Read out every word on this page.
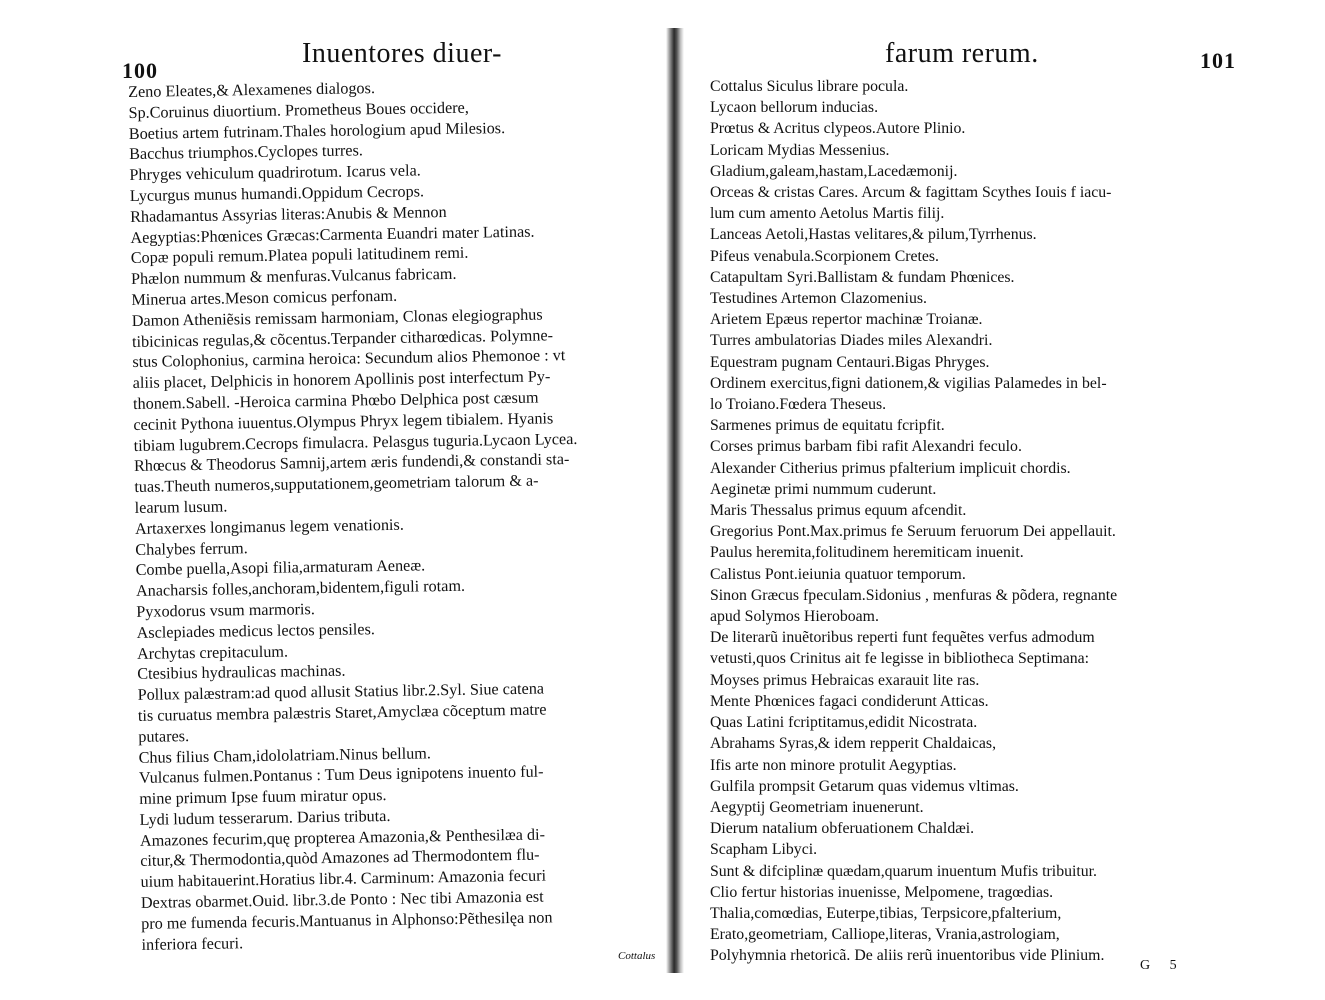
100
Inuentores diuer-
Zeno Eleates,& Alexamenes dialogos.
Sp.Coruinus diuortium. Prometheus Boues occidere,
Boetius artem futrinam.Thales horologium apud Milesios.
Bacchus triumphos.Cyclopes turres.
Phryges vehiculum quadrirotum. Icarus vela.
Lycurgus munus humandi.Oppidum Cecrops.
Rhadamantus Assyrias literas:Anubis & Mennon
Aegyptias:Phœnices Græcas:Carmenta Euandri mater Latinas.
Copæ populi remum.Platea populi latitudinem remi.
Phælon nummum & menfuras.Vulcanus fabricam.
Minerua artes.Meson comicus perfonam.
Damon Atheniẽsis remissam harmoniam, Clonas elegiographus
tibicinicas regulas,& cõcentus.Terpander citharœdicas. Polymne-
stus Colophonius, carmina heroica: Secundum alios Phemonoe : vt
aliis placet, Delphicis in honorem Apollinis post interfectum Py-
thonem.Sabell. -Heroica carmina Phœbo Delphica post cæsum
cecinit Pythona iuuentus.Olympus Phryx legem tibialem. Hyanis
tibiam lugubrem.Cecrops fimulacra. Pelasgus tuguria.Lycaon Lycea.
Rhœcus & Theodorus Samnij,artem æris fundendi,& constandi sta-
tuas.Theuth numeros,supputationem,geometriam talorum & a-
learum lusum.
Artaxerxes longimanus legem venationis.
Chalybes ferrum.
Combe puella,Asopi filia,armaturam Aeneæ.
Anacharsis folles,anchoram,bidentem,figuli rotam.
Pyxodorus vsum marmoris.
Asclepiades medicus lectos pensiles.
Archytas crepitaculum.
Ctesibius hydraulicas machinas.
Pollux palæstram:ad quod allusit Statius libr.2.Syl. Siue catena
tis curuatus membra palæstris Staret,Amyclæa cõceptum matre
putares.
Chus filius Cham,idololatriam.Ninus bellum.
Vulcanus fulmen.Pontanus : Tum Deus ignipotens inuento ful-
mine primum Ipse fuum miratur opus.
Lydi ludum tesserarum. Darius tributa.
Amazones fecurim,quę propterea Amazonia,& Penthesilæa di-
citur,& Thermodontia,quòd Amazones ad Thermodontem flu-
uium habitauerint.Horatius libr.4. Carminum: Amazonia fecuri
Dextras obarmet.Ouid. libr.3.de Ponto : Nec tibi Amazonia est
pro me fumenda fecuris.Mantuanus in Alphonso:Pẽthesilęa non
inferiora fecuri.
Cottalus
farum rerum.	101
Cottalus Siculus librare pocula.
Lycaon bellorum inducias.
Prœtus & Acritus clypeos.Autore Plinio.
Loricam Mydias Messenius.
Gladium,galeam,hastam,Lacedæmonij.
Orceas & cristas Cares. Arcum & fagittam Scythes Iouis f iacu-
lum cum amento Aetolus Martis filij.
Lanceas Aetoli,Hastas velitares,& pilum,Tyrrhenus.
Pifeus venabula.Scorpionem Cretes.
Catapultam Syri.Ballistam & fundam Phœnices.
Testudines Artemon Clazomenius.
Arietem Epæus repertor machinæ Troianæ.
Turres ambulatorias Diades miles Alexandri.
Equestram pugnam Centauri.Bigas Phryges.
Ordinem exercitus,figni dationem,& vigilias Palamedes in bel-
lo Troiano.Fœdera Theseus.
Sarmenes primus de equitatu fcripfit.
Corses primus barbam fibi rafit Alexandri feculo.
Alexander Citherius primus pfalterium implicuit chordis.
Aeginetæ primi nummum cuderunt.
Maris Thessalus primus equum afcendit.
Gregorius Pont.Max.primus fe Seruum feruorum Dei appellauit.
Paulus heremita,folitudinem heremiticam inuenit.
Calistus Pont.ieiunia quatuor temporum.
Sinon Græcus fpeculam.Sidonius , menfuras & põdera, regnante
apud Solymos Hieroboam.
De literarũ inuẽtoribus reperti funt fequẽtes verfus admodum
vetusti,quos Crinitus ait fe legisse in bibliotheca Septimana:
Moyses primus Hebraicas exarauit lite ras.
Mente Phœnices fagaci condiderunt Atticas.
Quas Latini fcriptitamus,edidit Nicostrata.
Abrahams Syras,& idem repperit Chaldaicas,
Ifis arte non minore protulit Aegyptias.
Gulfila prompsit Getarum quas videmus vltimas.
Aegyptij Geometriam inuenerunt.
Dierum natalium obferuationem Chaldæi.
Scapham Libyci.
Sunt & difciplinæ quædam,quarum inuentum Mufis tribuitur.
Clio fertur historias inuenisse, Melpomene, tragœdias.
Thalia,comœdias, Euterpe,tibias, Terpsicore,pfalterium,
Erato,geometriam, Calliope,literas, Vrania,astrologiam,
Polyhymnia rhetoricã. De aliis rerũ inuentoribus vide Plinium.
G 5
